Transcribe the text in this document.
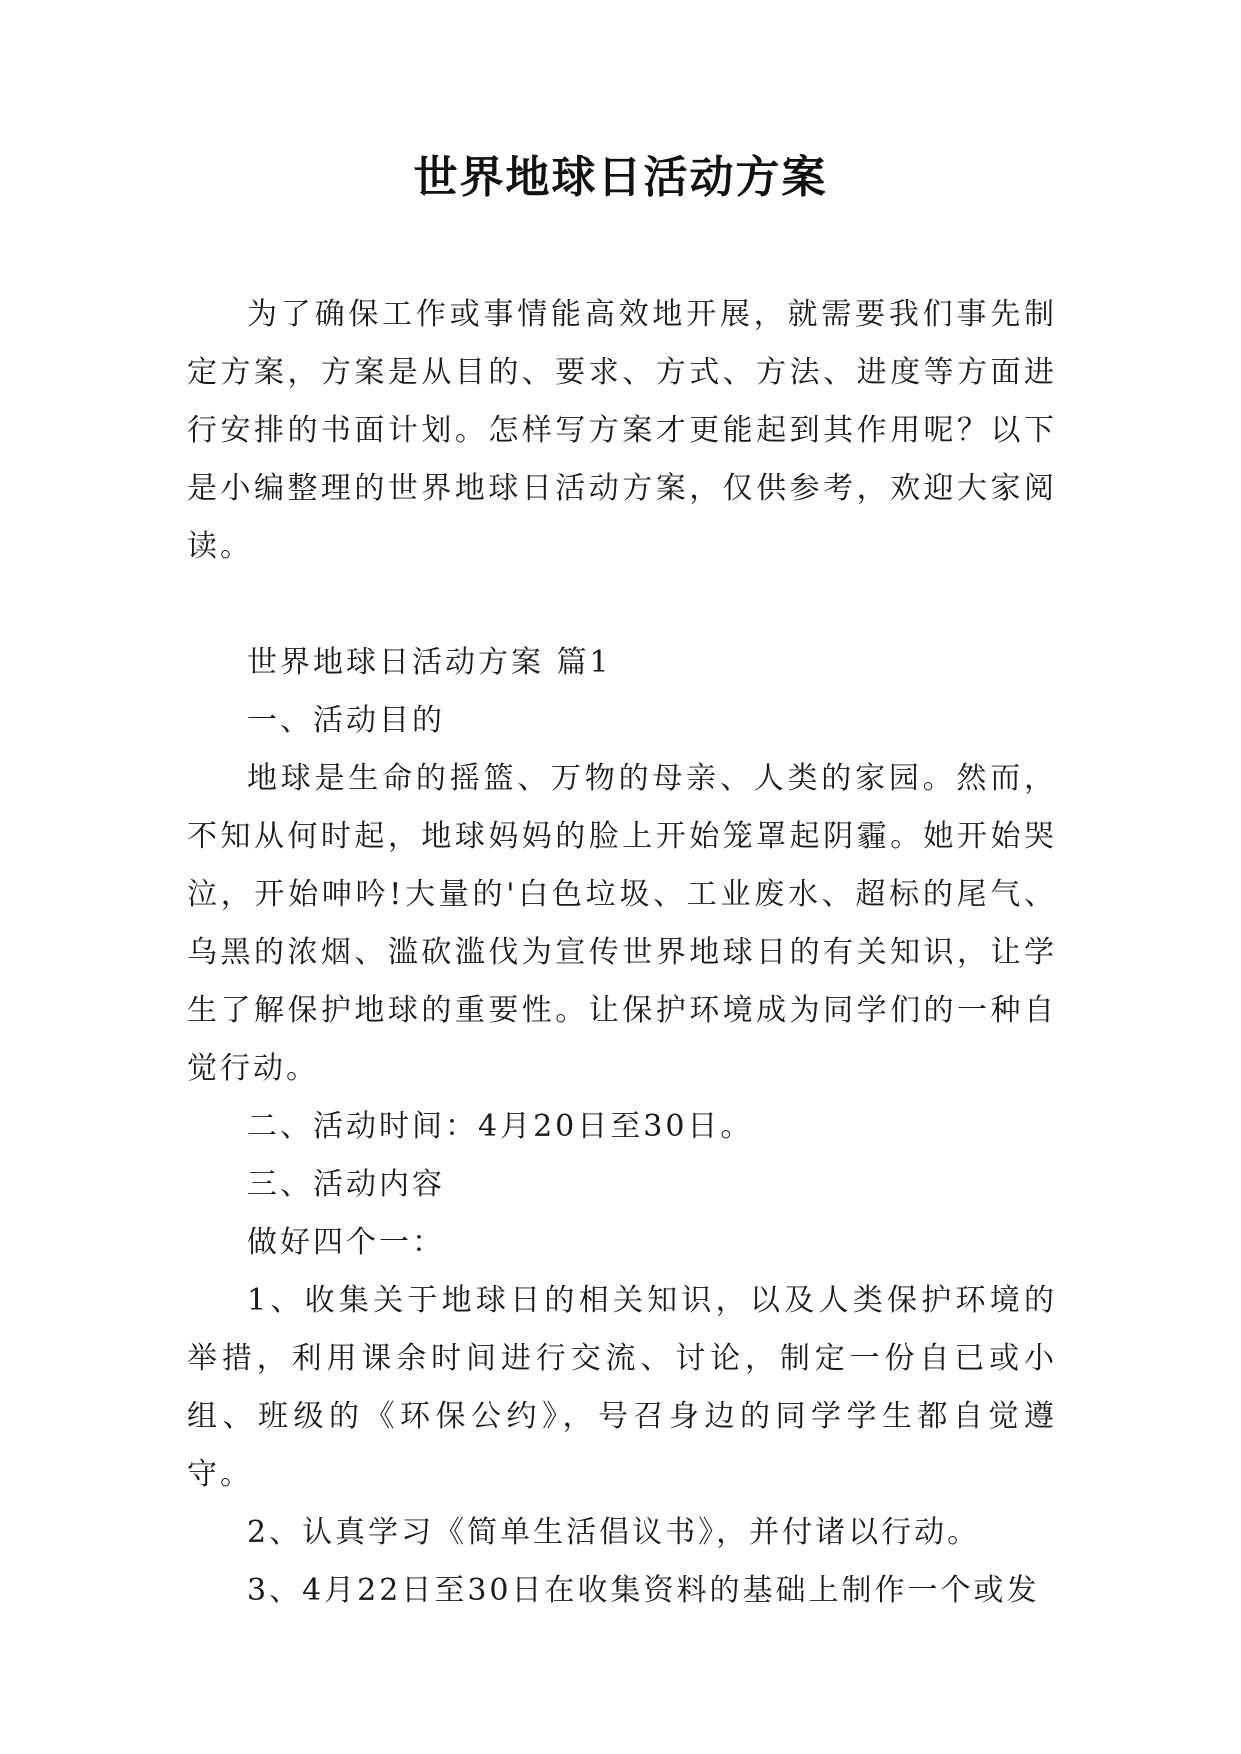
世界地球日活动方案

为了确保工作或事情能高效地开展，就需要我们事先制定方案，方案是从目的、要求、方式、方法、进度等方面进行安排的书面计划。怎样写方案才更能起到其作用呢？以下是小编整理的世界地球日活动方案，仅供参考，欢迎大家阅读。

世界地球日活动方案 篇1

一、活动目的

地球是生命的摇篮、万物的母亲、人类的家园。然而，不知从何时起，地球妈妈的脸上开始笼罩起阴霾。她开始哭泣，开始呻吟!大量的'白色垃圾、工业废水、超标的尾气、乌黑的浓烟、滥砍滥伐为宣传世界地球日的有关知识，让学生了解保护地球的重要性。让保护环境成为同学们的一种自觉行动。

二、活动时间：4月20日至30日。

三、活动内容

做好四个一：

1、收集关于地球日的相关知识，以及人类保护环境的举措，利用课余时间进行交流、讨论，制定一份自已或小组、班级的《环保公约》，号召身边的同学学生都自觉遵守。

2、认真学习《简单生活倡议书》，并付诸以行动。

3、4月22日至30日在收集资料的基础上制作一个或发
